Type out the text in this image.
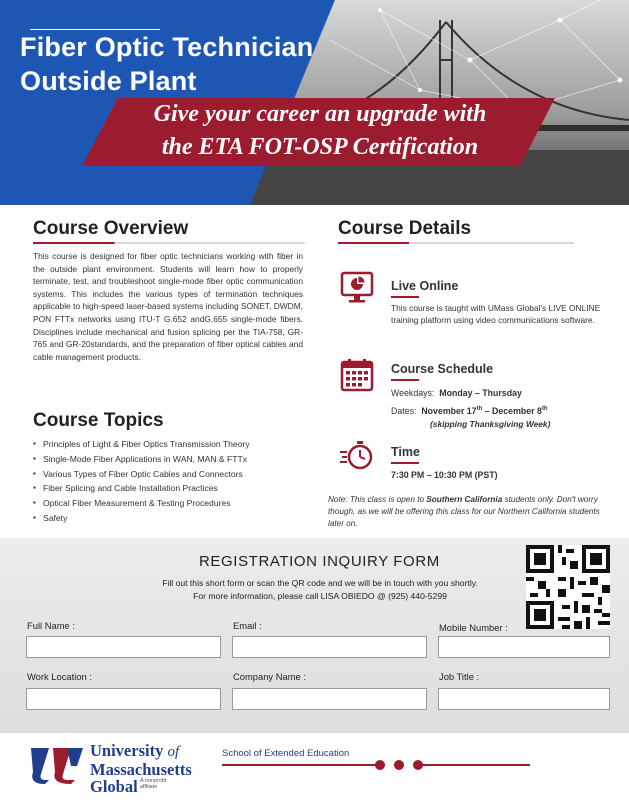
Fiber Optic Technician
Outside Plant
Give your career an upgrade with
the ETA FOT-OSP Certification
Course Overview
This course is designed for fiber optic technicians working with fiber in the outside plant environment. Students will learn how to properly terminate, test, and troubleshoot single-mode fiber optic communication systems. This includes the various types of termination techniques applicable to high-speed laser-based systems including SONET, DWDM, PON FTTx networks using ITU-T G.652 andG.655 single-mode fibers. Disciplines include mechanical and fusion splicing per the TIA-758, GR-765 and GR-20standards, and the preparation of fiber optical cables and cable management products.
Course Topics
▪ Principles of Light & Fiber Optics Transmission Theory
▪ Single-Mode Fiber Applications in WAN, MAN & FTTx
▪ Various Types of Fiber Optic Cables and Connectors
▪ Fiber Splicing and Cable Installation Practices
▪ Optical Fiber Measurement & Testing Procedures
▪ Safety
Course Details
Live Online
This course is taught with UMass Global's LIVE ONLINE training platform using video communications software.
Course Schedule
Weekdays: Monday – Thursday
Dates: November 17th – December 8th
(skipping Thanksgiving Week)
Time
7:30 PM – 10:30 PM (PST)
Note: This class is open to Southern California students only. Don't worry though, as we will be offering this class for our Northern California students later on.
REGISTRATION INQUIRY FORM
Fill out this short form or scan the QR code and we will be in touch with you shortly.
For more information, please call LISA OBIEDO @ (925) 440-5299
Full Name :	Email :	Mobile Number :
Work Location :	Company Name :	Job Title :
University of
Massachusetts
Global A nonprofit
affiliate
School of Extended Education
